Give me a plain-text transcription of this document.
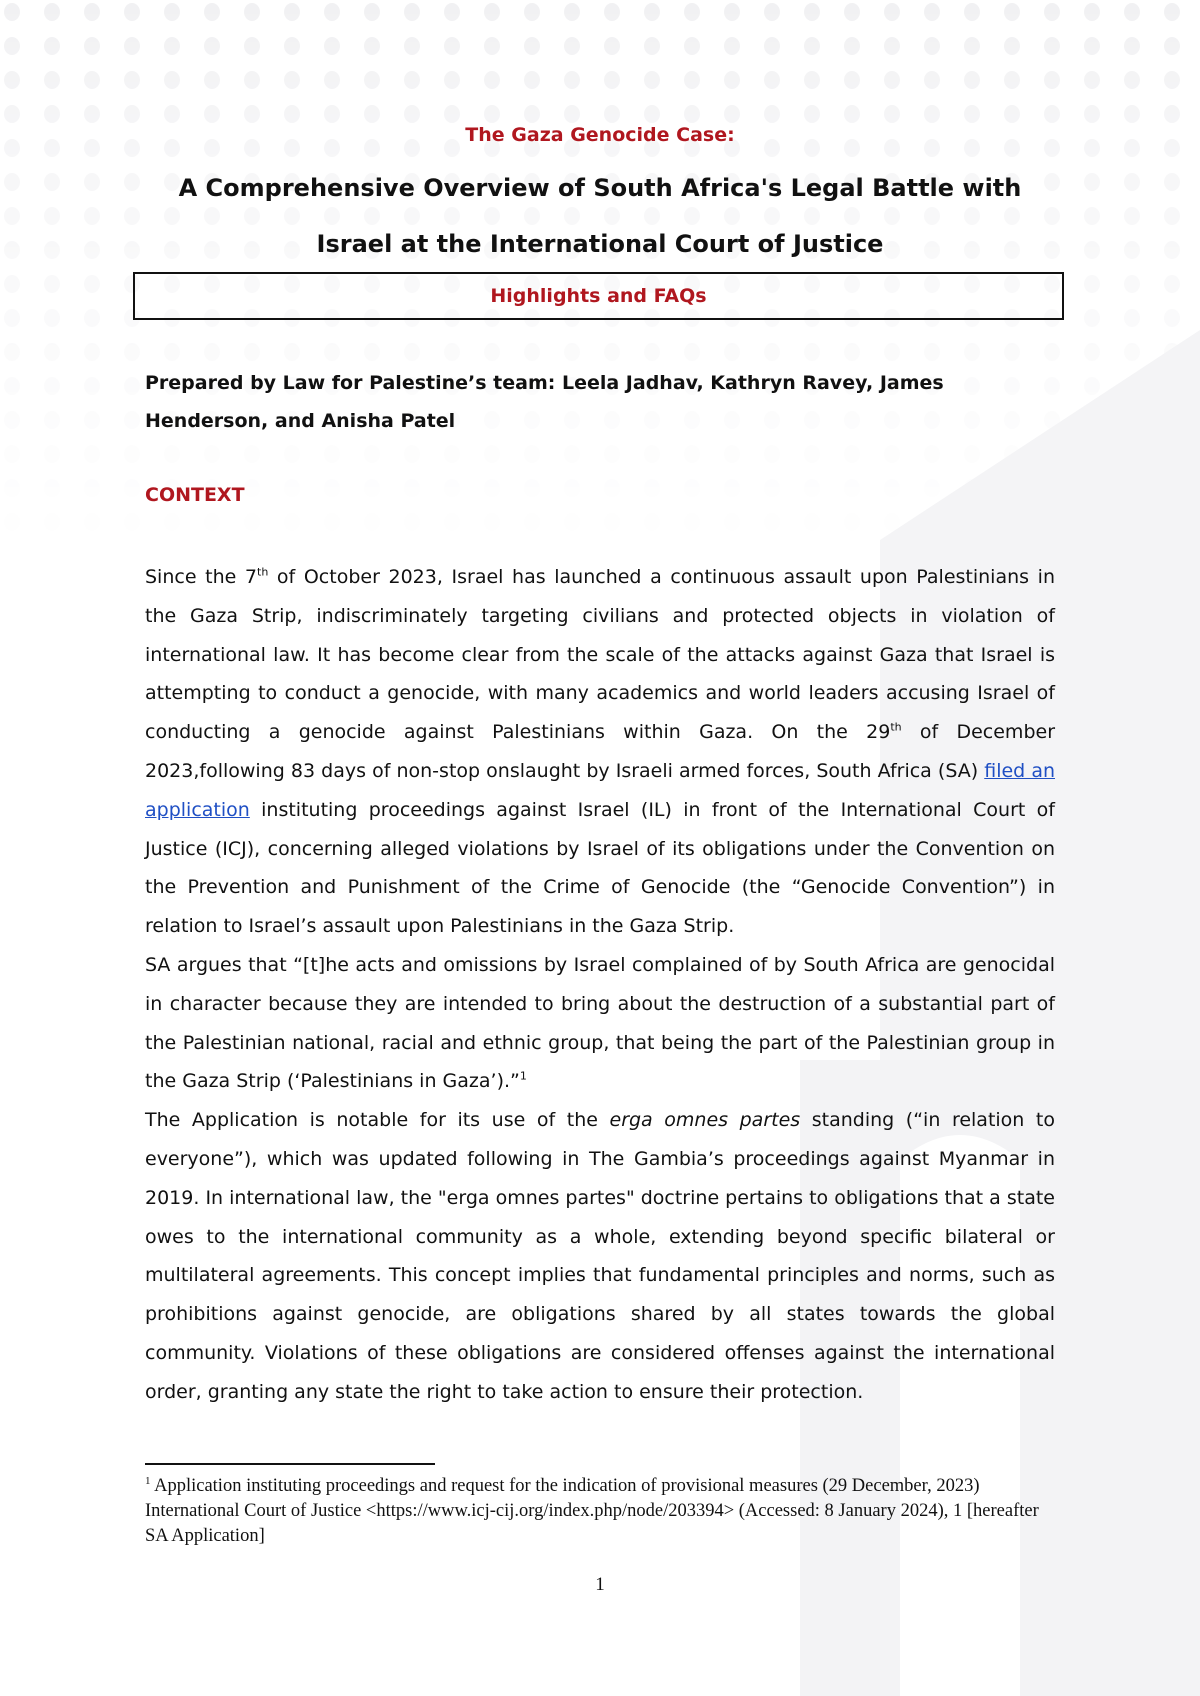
The Gaza Genocide Case:
A Comprehensive Overview of South Africa's Legal Battle with Israel at the International Court of Justice
Highlights and FAQs

Prepared by Law for Palestine’s team: Leela Jadhav, Kathryn Ravey, James Henderson, and Anisha Patel

CONTEXT

Since the 7th of October 2023, Israel has launched a continuous assault upon Palestinians in the Gaza Strip, indiscriminately targeting civilians and protected objects in violation of international law. It has become clear from the scale of the attacks against Gaza that Israel is attempting to conduct a genocide, with many academics and world leaders accusing Israel of conducting a genocide against Palestinians within Gaza. On the 29th of December 2023,following 83 days of non-stop onslaught by Israeli armed forces, South Africa (SA) filed an application instituting proceedings against Israel (IL) in front of the International Court of Justice (ICJ), concerning alleged violations by Israel of its obligations under the Convention on the Prevention and Punishment of the Crime of Genocide (the “Genocide Convention”) in relation to Israel’s assault upon Palestinians in the Gaza Strip.

SA argues that “[t]he acts and omissions by Israel complained of by South Africa are genocidal in character because they are intended to bring about the destruction of a substantial part of the Palestinian national, racial and ethnic group, that being the part of the Palestinian group in the Gaza Strip (‘Palestinians in Gaza’).”$^1$

The Application is notable for its use of the erga omnes partes standing (“in relation to everyone”), which was updated following in The Gambia’s proceedings against Myanmar in 2019. In international law, the "erga omnes partes" doctrine pertains to obligations that a state owes to the international community as a whole, extending beyond specific bilateral or multilateral agreements. This concept implies that fundamental principles and norms, such as prohibitions against genocide, are obligations shared by all states towards the global community. Violations of these obligations are considered offenses against the international order, granting any state the right to take action to ensure their protection.

$^1$ Application instituting proceedings and request for the indication of provisional measures (29 December, 2023) International Court of Justice <https://www.icj-cij.org/index.php/node/203394> (Accessed: 8 January 2024), 1 [hereafter SA Application]

1
